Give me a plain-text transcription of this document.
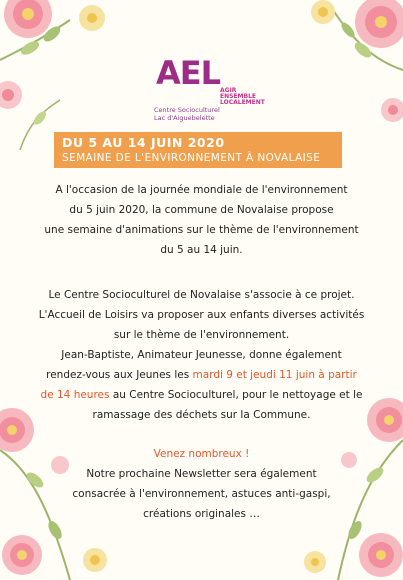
AEL AGIR ENSEMBLE LOCALEMENT
Centre Socioculturel
Lac d'Aiguebelette
DU 5 AU 14 JUIN 2020
SEMAINE DE L'ENVIRONNEMENT À NOVALAISE
A l'occasion de la journée mondiale de l'environnement
du 5 juin 2020, la commune de Novalaise propose
une semaine d'animations sur le thème de l'environnement
du 5 au 14 juin.
Le Centre Socioculturel de Novalaise s'associe à ce projet.
L'Accueil de Loisirs va proposer aux enfants diverses activités
sur le thème de l'environnement.
Jean-Baptiste, Animateur Jeunesse, donne également
rendez-vous aux Jeunes les mardi 9 et jeudi 11 juin à partir
de 14 heures au Centre Socioculturel, pour le nettoyage et le
ramassage des déchets sur la Commune.
Venez nombreux !
Notre prochaine Newsletter sera également
consacrée à l'environnement, astuces anti-gaspi,
créations originales …
